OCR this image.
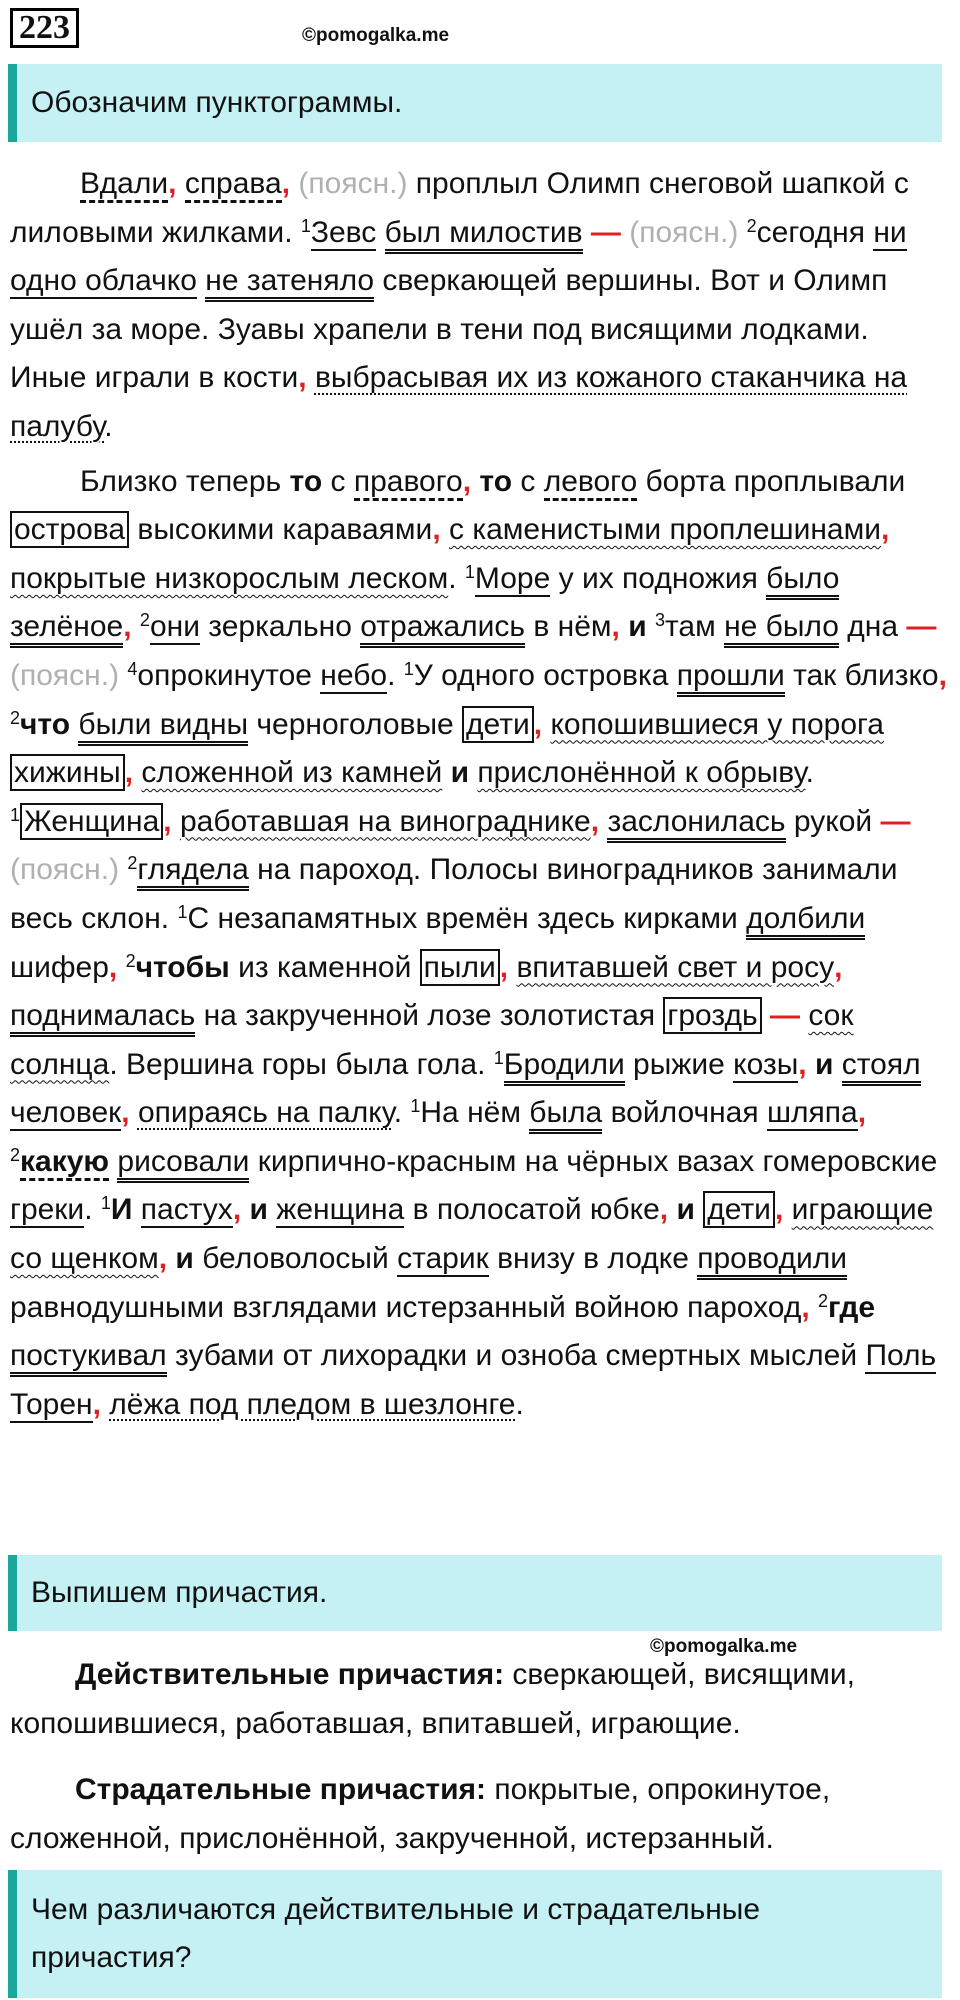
223	©pomogalka.me
Обозначим пунктограммы.

Вдали, справа, (поясн.) проплыл Олимп снеговой шапкой с лиловыми жилками. $^1$Зевс был милостив — (поясн.) $^2$сегодня ни одно облачко не затеняло сверкающей вершины. Вот и Олимп ушёл за море. Зуавы храпели в тени под висящими лодками. Иные играли в кости, выбрасывая их из кожаного стаканчика на палубу.

Близко теперь то с правого, то с левого борта проплывали острова высокими караваями, с каменистыми проплешинами, покрытые низкорослым леском. $^1$Море у их подножия было зелёное, $^2$они зеркально отражались в нём, и $^3$там не было дна — (поясн.) $^4$опрокинутое небо. $^1$У одного островка прошли так близко, $^2$что были видны черноголовые дети , копошившиеся у порога хижины , сложенной из камней и прислонённой к обрыву. $^1$ Женщина , работавшая на винограднике, заслонилась рукой — (поясн.) $^2$глядела на пароход. Полосы виноградников занимали весь склон. $^1$С незапамятных времён здесь кирками долбили шифер, $^2$чтобы из каменной пыли , впитавшей свет и росу, поднималась на закрученной лозе золотистая гроздь — сок солнца. Вершина горы была гола. $^1$Бродили рыжие козы, и стоял человек, опираясь на палку. $^1$На нём была войлочная шляпа, $^2$какую рисовали кирпично-красным на чёрных вазах гомеровские греки. $^1$И пастух, и женщина в полосатой юбке, и дети , играющие со щенком, и беловолосый старик внизу в лодке проводили равнодушными взглядами истерзанный войною пароход, $^2$где постукивал зубами от лихорадки и озноба смертных мыслей Поль Торен, лёжа под пледом в шезлонге.

Выпишем причастия.
©pomogalka.me

Действительные причастия: сверкающей, висящими, копошившиеся, работавшая, впитавшей, играющие.

Страдательные причастия: покрытые, опрокинутое, сложенной, прислонённой, закрученной, истерзанный.

Чем различаются действительные и страдательные причастия?
